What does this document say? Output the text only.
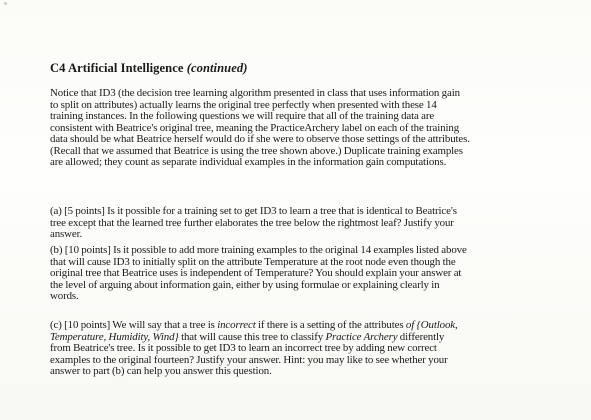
C4 Artificial Intelligence (continued)
Notice that ID3 (the decision tree learning algorithm presented in class that uses information gain
to split on attributes) actually learns the original tree perfectly when presented with these 14
training instances. In the following questions we will require that all of the training data are
consistent with Beatrice's original tree, meaning the PracticeArchery label on each of the training
data should be what Beatrice herself would do if she were to observe those settings of the attributes.
(Recall that we assumed that Beatrice is using the tree shown above.) Duplicate training examples
are allowed; they count as separate individual examples in the information gain computations.
(a) [5 points] Is it possible for a training set to get ID3 to learn a tree that is identical to Beatrice's
tree except that the learned tree further elaborates the tree below the rightmost leaf? Justify your
answer.
(b) [10 points] Is it possible to add more training examples to the original 14 examples listed above
that will cause ID3 to initially split on the attribute Temperature at the root node even though the
original tree that Beatrice uses is independent of Temperature? You should explain your answer at
the level of arguing about information gain, either by using formulae or explaining clearly in
words.
(c) [10 points] We will say that a tree is incorrect if there is a setting of the attributes of {Outlook,
Temperature, Humidity, Wind} that will cause this tree to classify Practice Archery differently
from Beatrice's tree. Is it possible to get ID3 to learn an incorrect tree by adding new correct
examples to the original fourteen? Justify your answer. Hint: you may like to see whether your
answer to part (b) can help you answer this question.
